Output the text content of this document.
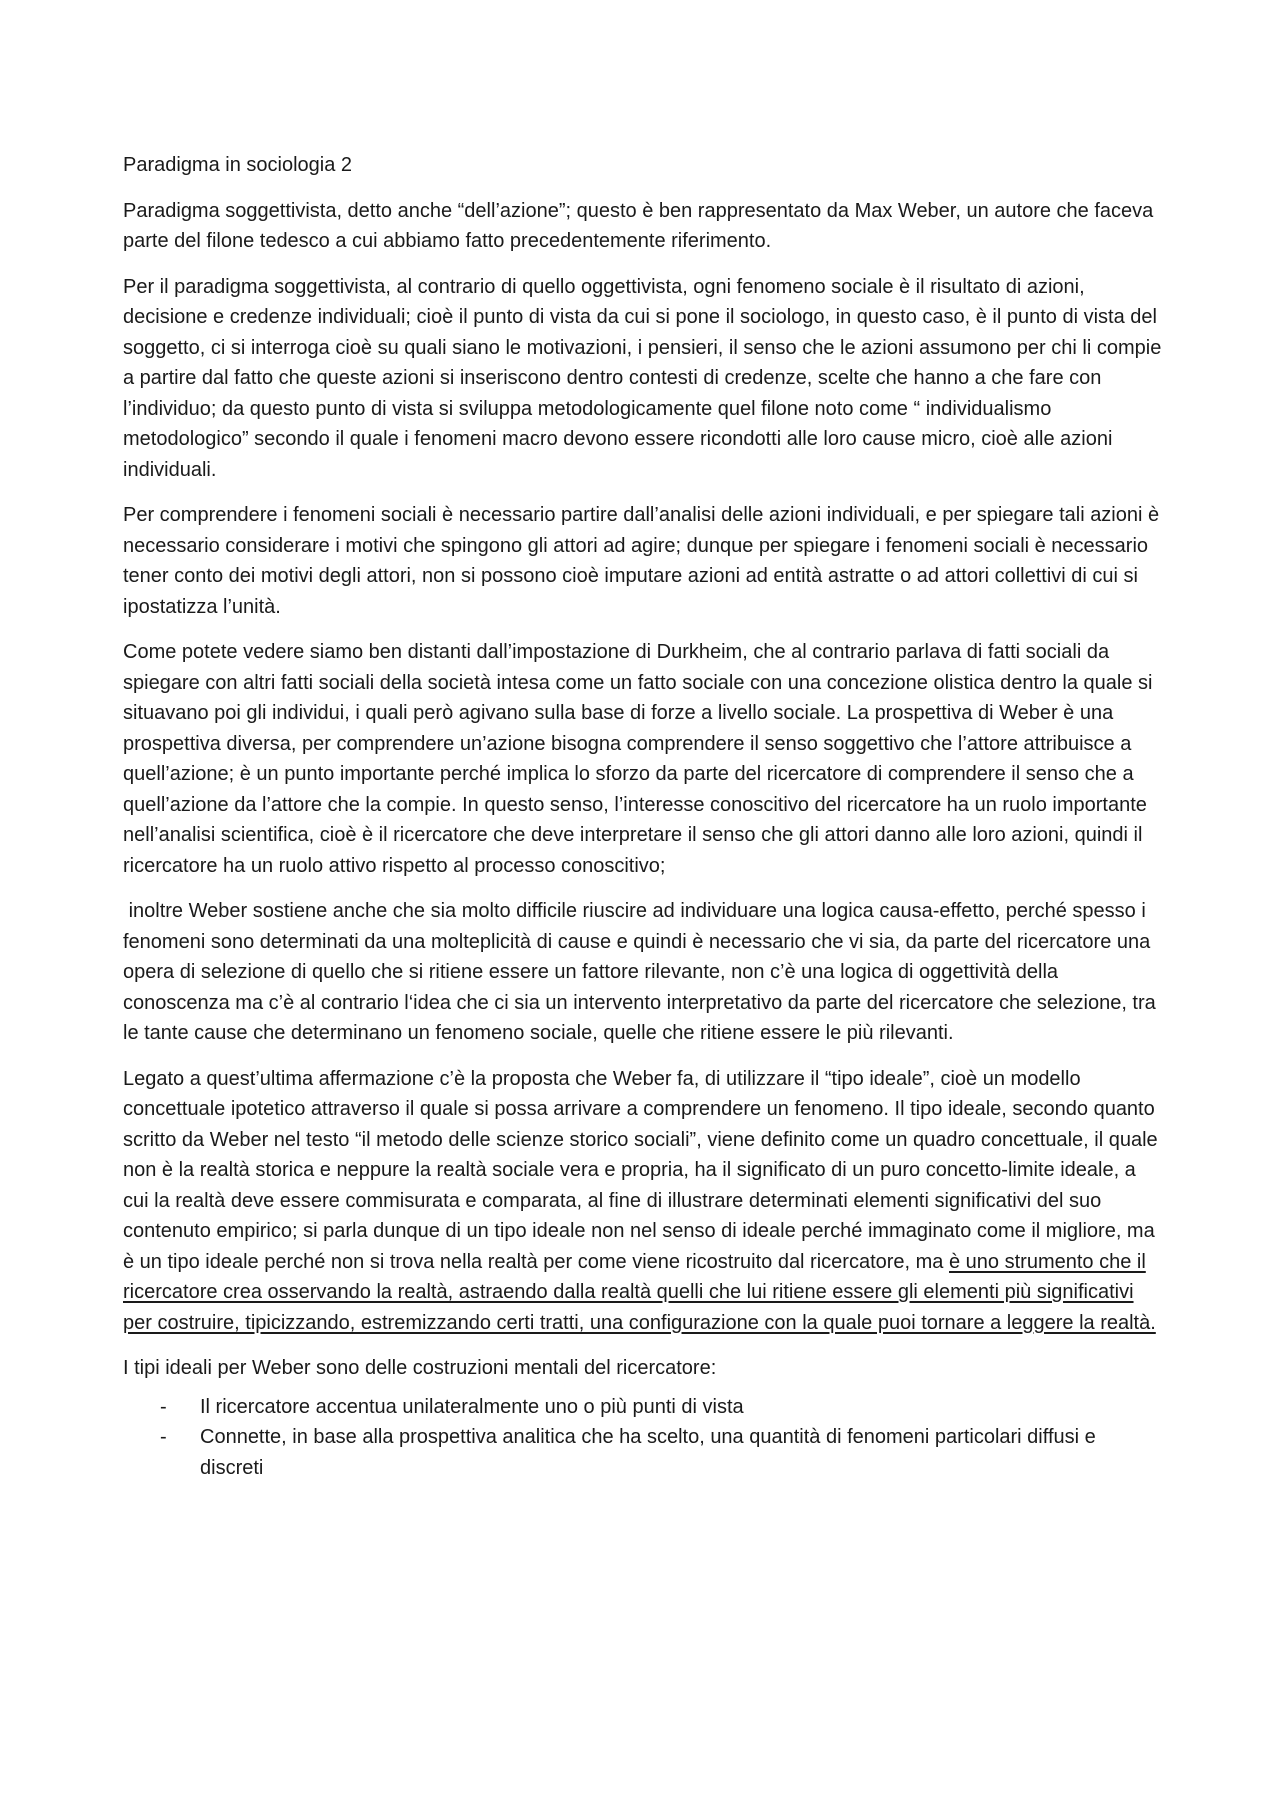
Paradigma in sociologia 2

Paradigma soggettivista, detto anche “dell’azione”; questo è ben rappresentato da Max Weber, un autore che faceva parte del filone tedesco a cui abbiamo fatto precedentemente riferimento.

Per il paradigma soggettivista, al contrario di quello oggettivista, ogni fenomeno sociale è il risultato di azioni, decisione e credenze individuali; cioè il punto di vista da cui si pone il sociologo, in questo caso, è il punto di vista del soggetto, ci si interroga cioè su quali siano le motivazioni, i pensieri, il senso che le azioni assumono per chi li compie a partire dal fatto che queste azioni si inseriscono dentro contesti di credenze, scelte che hanno a che fare con l’individuo; da questo punto di vista si sviluppa metodologicamente quel filone noto come “ individualismo metodologico” secondo il quale i fenomeni macro devono essere ricondotti alle loro cause micro, cioè alle azioni individuali.

Per comprendere i fenomeni sociali è necessario partire dall’analisi delle azioni individuali, e per spiegare tali azioni è necessario considerare i motivi che spingono gli attori ad agire; dunque per spiegare i fenomeni sociali è necessario tener conto dei motivi degli attori, non si possono cioè imputare azioni ad entità astratte o ad attori collettivi di cui si ipostatizza l’unità.

Come potete vedere siamo ben distanti dall’impostazione di Durkheim, che al contrario parlava di fatti sociali da spiegare con altri fatti sociali della società intesa come un fatto sociale con una concezione olistica dentro la quale si situavano poi gli individui, i quali però agivano sulla base di forze a livello sociale. La prospettiva di Weber è una prospettiva diversa, per comprendere un’azione bisogna comprendere il senso soggettivo che l’attore attribuisce a quell’azione; è un punto importante perché implica lo sforzo da parte del ricercatore di comprendere il senso che a quell’azione da l’attore che la compie. In questo senso, l’interesse conoscitivo del ricercatore ha un ruolo importante nell’analisi scientifica, cioè è il ricercatore che deve interpretare il senso che gli attori danno alle loro azioni, quindi il ricercatore ha un ruolo attivo rispetto al processo conoscitivo;

inoltre Weber sostiene anche che sia molto difficile riuscire ad individuare una logica causa-effetto, perché spesso i fenomeni sono determinati da una molteplicità di cause e quindi è necessario che vi sia, da parte del ricercatore una opera di selezione di quello che si ritiene essere un fattore rilevante, non c’è una logica di oggettività della conoscenza ma c’è al contrario l‘idea che ci sia un intervento interpretativo da parte del ricercatore che selezione, tra le tante cause che determinano un fenomeno sociale, quelle che ritiene essere le più rilevanti.

Legato a quest’ultima affermazione c’è la proposta che Weber fa, di utilizzare il “tipo ideale”, cioè un modello concettuale ipotetico attraverso il quale si possa arrivare a comprendere un fenomeno. Il tipo ideale, secondo quanto scritto da Weber nel testo “il metodo delle scienze storico sociali”, viene definito come un quadro concettuale, il quale non è la realtà storica e neppure la realtà sociale vera e propria, ha il significato di un puro concetto-limite ideale, a cui la realtà deve essere commisurata e comparata, al fine di illustrare determinati elementi significativi del suo contenuto empirico; si parla dunque di un tipo ideale non nel senso di ideale perché immaginato come il migliore, ma è un tipo ideale perché non si trova nella realtà per come viene ricostruito dal ricercatore, ma è uno strumento che il ricercatore crea osservando la realtà, astraendo dalla realtà quelli che lui ritiene essere gli elementi più significativi per costruire, tipicizzando, estremizzando certi tratti, una configurazione con la quale puoi tornare a leggere la realtà.

I tipi ideali per Weber sono delle costruzioni mentali del ricercatore:

- Il ricercatore accentua unilateralmente uno o più punti di vista
- Connette, in base alla prospettiva analitica che ha scelto, una quantità di fenomeni particolari diffusi e discreti
